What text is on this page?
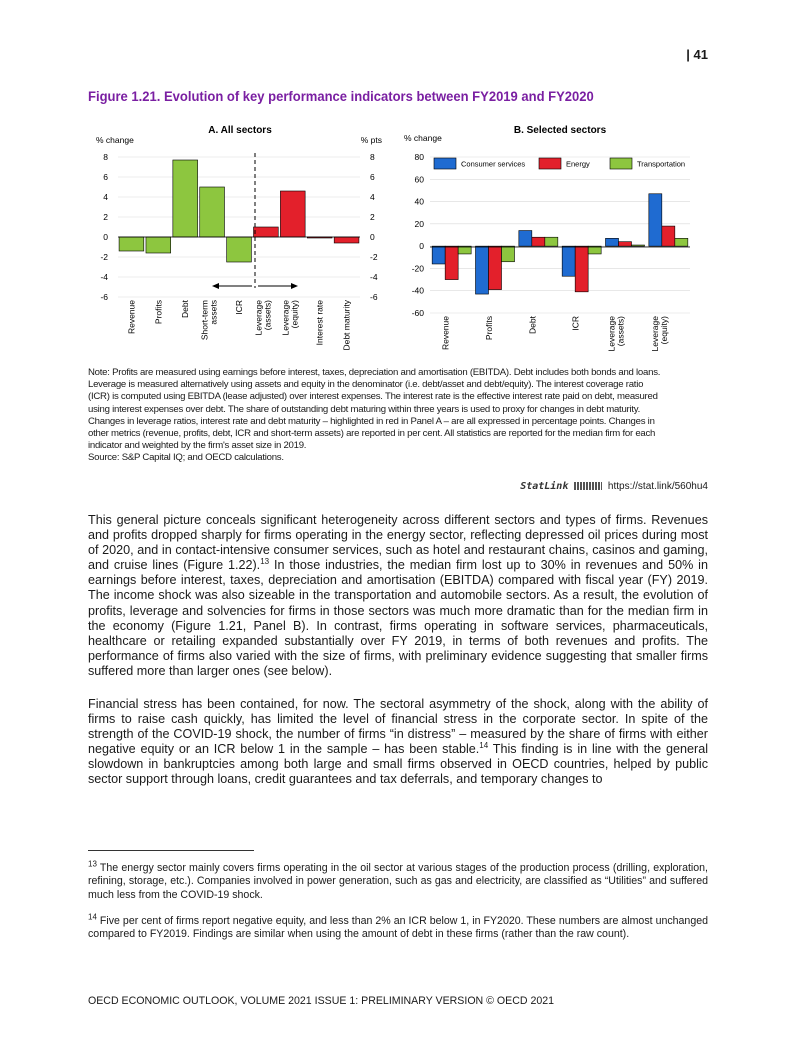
| 41
Figure 1.21. Evolution of key performance indicators between FY2019 and FY2020
A. All sectors
% change	% pts
8	8
6	6
4	4
2	2
0	0
-2	-2
-4	-4
-6	-6
Revenue Profits Debt Short-termassets ICR Leverage(assets) Leverage(equity) Interest rate Debt maturity
B. Selected sectors
% change
80
60
40
20
0
-20
-40
-60
Consumer services	Energy	Transportation
Revenue	Profits	Debt	ICR	Leverage(assets)	Leverage(equity)

Note: Profits are measured using earnings before interest, taxes, depreciation and amortisation (EBITDA). Debt includes both bonds and loans.

Leverage is measured alternatively using assets and equity in the denominator (i.e. debt/asset and debt/equity). The interest coverage ratio

(ICR) is computed using EBITDA (lease adjusted) over interest expenses. The interest rate is the effective interest rate paid on debt, measured

using interest expenses over debt. The share of outstanding debt maturing within three years is used to proxy for changes in debt maturity.

Changes in leverage ratios, interest rate and debt maturity – highlighted in red in Panel A – are all expressed in percentage points. Changes in

other metrics (revenue, profits, debt, ICR and short-term assets) are reported in per cent. All statistics are reported for the median firm for each

indicator and weighted by the firm's asset size in 2019.

Source: S&P Capital IQ; and OECD calculations.

StatLink	https://stat.link/560hu4

This general picture conceals significant heterogeneity across different sectors and types of firms. Revenues and profits dropped sharply for firms operating in the energy sector, reflecting depressed oil prices during most of 2020, and in contact-intensive consumer services, such as hotel and restaurant chains, casinos and gaming, and cruise lines (Figure 1.22).$^{13}$ In those industries, the median firm lost up to 30% in revenues and 50% in earnings before interest, taxes, depreciation and amortisation (EBITDA) compared with fiscal year (FY) 2019. The income shock was also sizeable in the transportation and automobile sectors. As a result, the evolution of profits, leverage and solvencies for firms in those sectors was much more dramatic than for the median firm in the economy (Figure 1.21, Panel B). In contrast, firms operating in software services, pharmaceuticals, healthcare or retailing expanded substantially over FY 2019, in terms of both revenues and profits. The performance of firms also varied with the size of firms, with preliminary evidence suggesting that smaller firms suffered more than larger ones (see below).

Financial stress has been contained, for now. The sectoral asymmetry of the shock, along with the ability of firms to raise cash quickly, has limited the level of financial stress in the corporate sector. In spite of the strength of the COVID-19 shock, the number of firms “in distress” – measured by the share of firms with either negative equity or an ICR below 1 in the sample – has been stable.$^{14}$ This finding is in line with the general slowdown in bankruptcies among both large and small firms observed in OECD countries, helped by public sector support through loans, credit guarantees and tax deferrals, and temporary changes to

$^{13}$ The energy sector mainly covers firms operating in the oil sector at various stages of the production process (drilling, exploration, refining, storage, etc.). Companies involved in power generation, such as gas and electricity, are classified as “Utilities” and suffered much less from the COVID-19 shock.

$^{14}$ Five per cent of firms report negative equity, and less than 2% an ICR below 1, in FY2020. These numbers are almost unchanged compared to FY2019. Findings are similar when using the amount of debt in these firms (rather than the raw count).

OECD ECONOMIC OUTLOOK, VOLUME 2021 ISSUE 1: PRELIMINARY VERSION © OECD 2021
